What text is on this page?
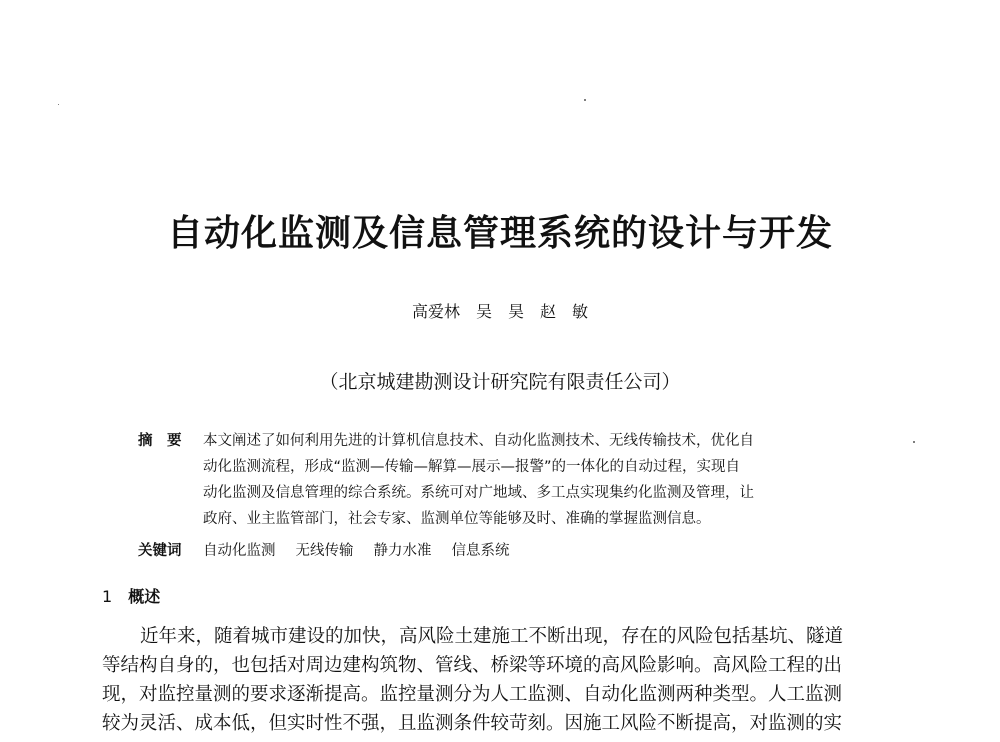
自动化监测及信息管理系统的设计与开发
高爱林　吴　昊　赵　敏
（北京城建勘测设计研究院有限责任公司）
摘　要 本文阐述了如何利用先进的计算机信息技术、自动化监测技术、无线传输技术，优化自
动化监测流程，形成“监测—传输—解算—展示—报警”的一体化的自动过程，实现自
动化监测及信息管理的综合系统。系统可对广地域、多工点实现集约化监测及管理，让
政府、业主监管部门，社会专家、监测单位等能够及时、准确的掌握监测信息。
关键词 自动化监测 无线传输 静力水准 信息系统
1 概述
近年来，随着城市建设的加快，高风险土建施工不断出现，存在的风险包括基坑、隧道
等结构自身的，也包括对周边建构筑物、管线、桥梁等环境的高风险影响。高风险工程的出
现，对监控量测的要求逐渐提高。监控量测分为人工监测、自动化监测两种类型。人工监测
较为灵活、成本低，但实时性不强，且监测条件较苛刻。因施工风险不断提高，对监测的实
